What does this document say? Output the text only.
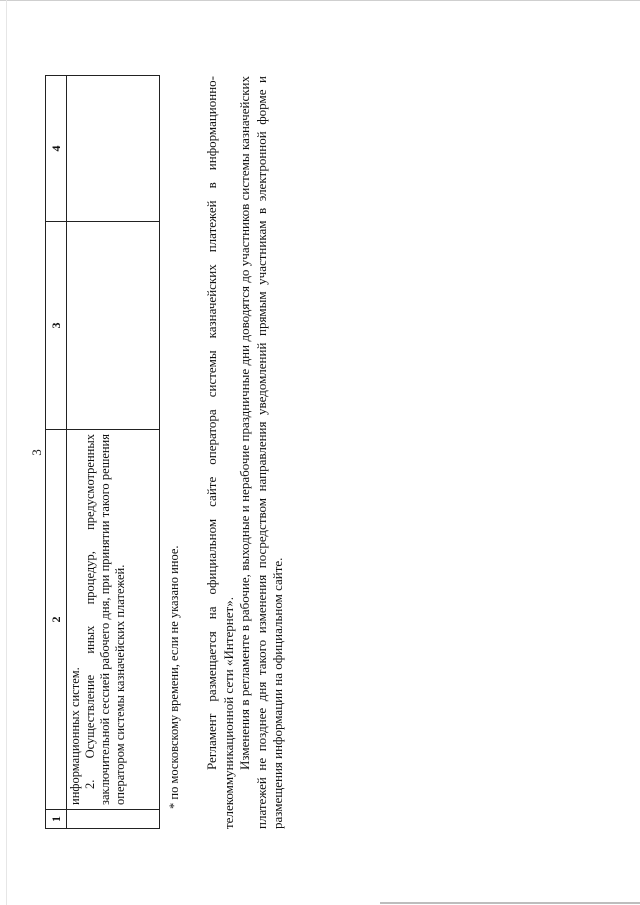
3
1	2	3	4

	информационных систем. 2. Осуществление иных процедур, предусмотренных заключительной сессией рабочего дня, при принятии такого решения оператором системы казначейских платежей.		

			* по московскому времени, если не указано иное. Регламент размещается на официальном сайте оператора системы казначейских платежей в информационно-телекоммуникационной сети «Интернет». Изменения в регламенте в рабочие, выходные и нерабочие праздничные дни доводятся до участников системы казначейских платежей не позднее дня такого изменения посредством направления уведомлений прямым участникам в электронной форме и размещения информации на официальном сайте.
